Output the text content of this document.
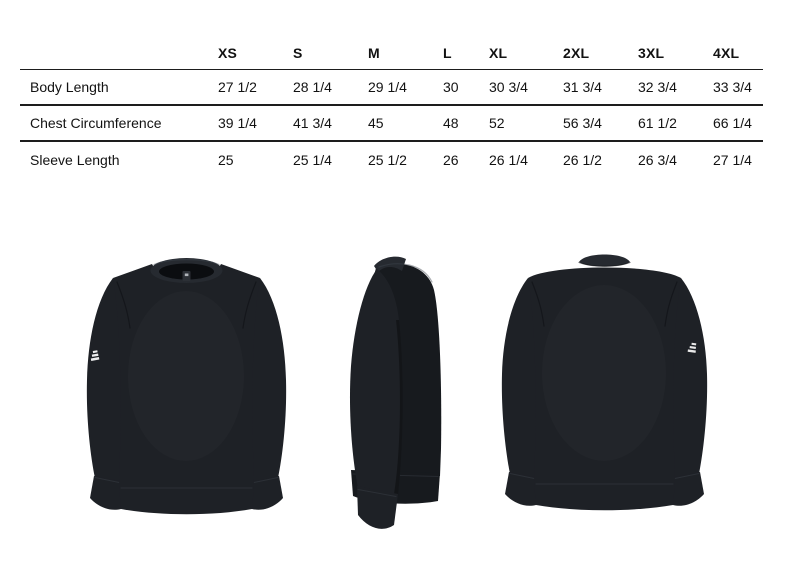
	XS	S	M	L	XL	2XL	3XL	4XL
Body Length	27 1/2	28 1/4	29 1/4	30	30 3/4	31 3/4	32 3/4	33 3/4
Chest Circumference	39 1/4	41 3/4	45	48	52	56 3/4	61 1/2	66 1/4
Sleeve Length	25	25 1/4	25 1/2	26	26 1/4	26 1/2	26 3/4	27 1/4
